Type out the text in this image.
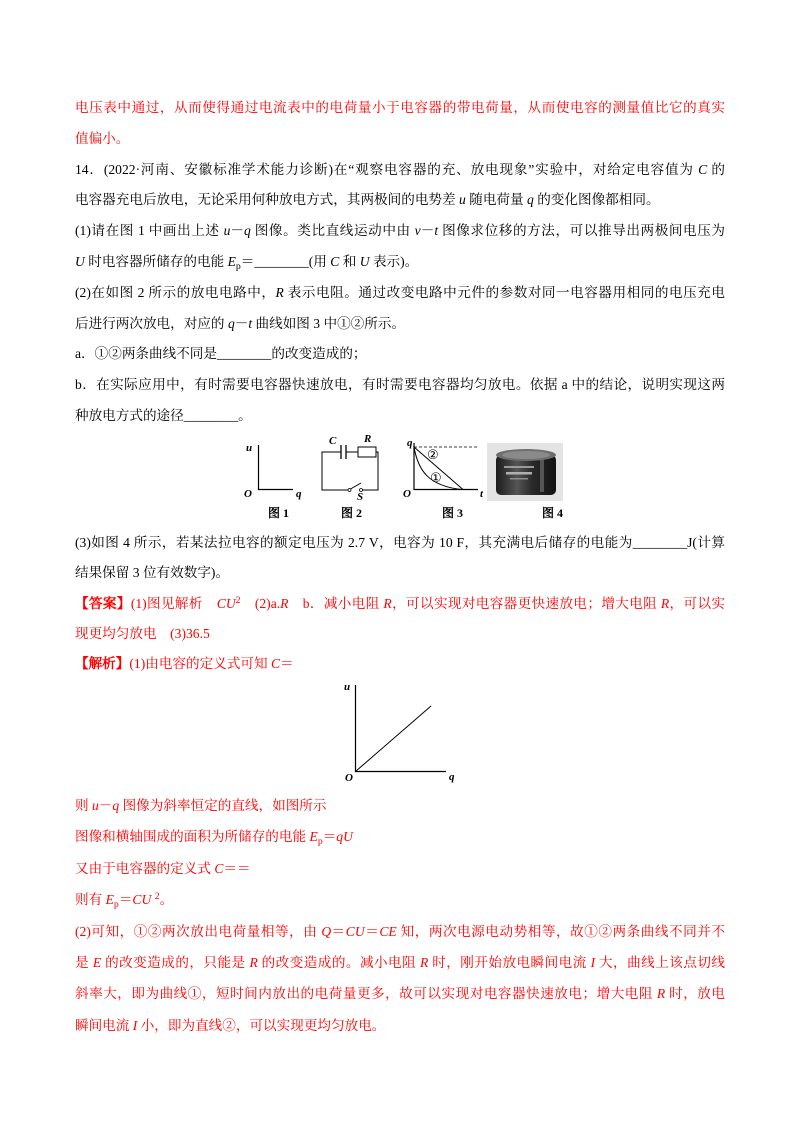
电压表中通过，从而使得通过电流表中的电荷量小于电容器的带电荷量，从而使电容的测量值比它的真实
值偏小。
14．(2022·河南、安徽标准学术能力诊断)在“观察电容器的充、放电现象”实验中，对给定电容值为 C 的
电容器充电后放电，无论采用何种放电方式，其两极间的电势差 u 随电荷量 q 的变化图像都相同。
(1)请在图 1 中画出上述 u－q 图像。类比直线运动中由 v－t 图像求位移的方法，可以推导出两极间电压为
U 时电容器所储存的电能 $E_p=\_\_\_\_\_\_\_\_$(用 C 和 U 表示)。
(2)在如图 2 所示的放电电路中，R 表示电阻。通过改变电路中元件的参数对同一电容器用相同的电压充电
后进行两次放电，对应的 q－t 曲线如图 3 中①②所示。
a．①②两条曲线不同是________的改变造成的；
b．在实际应用中，有时需要电容器快速放电，有时需要电容器均匀放电。依据 a 中的结论，说明实现这两
种放电方式的途径________。
u
O	q
图 1
C	R
S
图 2
q
O	t
②
①
图 3	图 4
(3)如图 4 所示，若某法拉电容的额定电压为 2.7 V，电容为 10 F，其充满电后储存的电能为________J(计算
结果保留 3 位有效数字)。
【答案】(1)图见解析　$CU^2$　(2)a.R　b．减小电阻 R，可以实现对电容器更快速放电；增大电阻 R，可以实
现更均匀放电　(3)36.5
【解析】(1)由电容的定义式可知 C＝
u
O	q
则 u－q 图像为斜率恒定的直线，如图所示
图像和横轴围成的面积为所储存的电能 $E_p=qU$
又由于电容器的定义式 C＝＝
则有 $E_p=CU$ $^2$。
(2)可知，①②两次放出电荷量相等，由 Q＝CU＝CE 知，两次电源电动势相等，故①②两条曲线不同并不
是 E 的改变造成的，只能是 R 的改变造成的。减小电阻 R 时，刚开始放电瞬间电流 I 大，曲线上该点切线
斜率大，即为曲线①，短时间内放出的电荷量更多，故可以实现对电容器快速放电；增大电阻 R 时，放电
瞬间电流 I 小，即为直线②，可以实现更均匀放电。
